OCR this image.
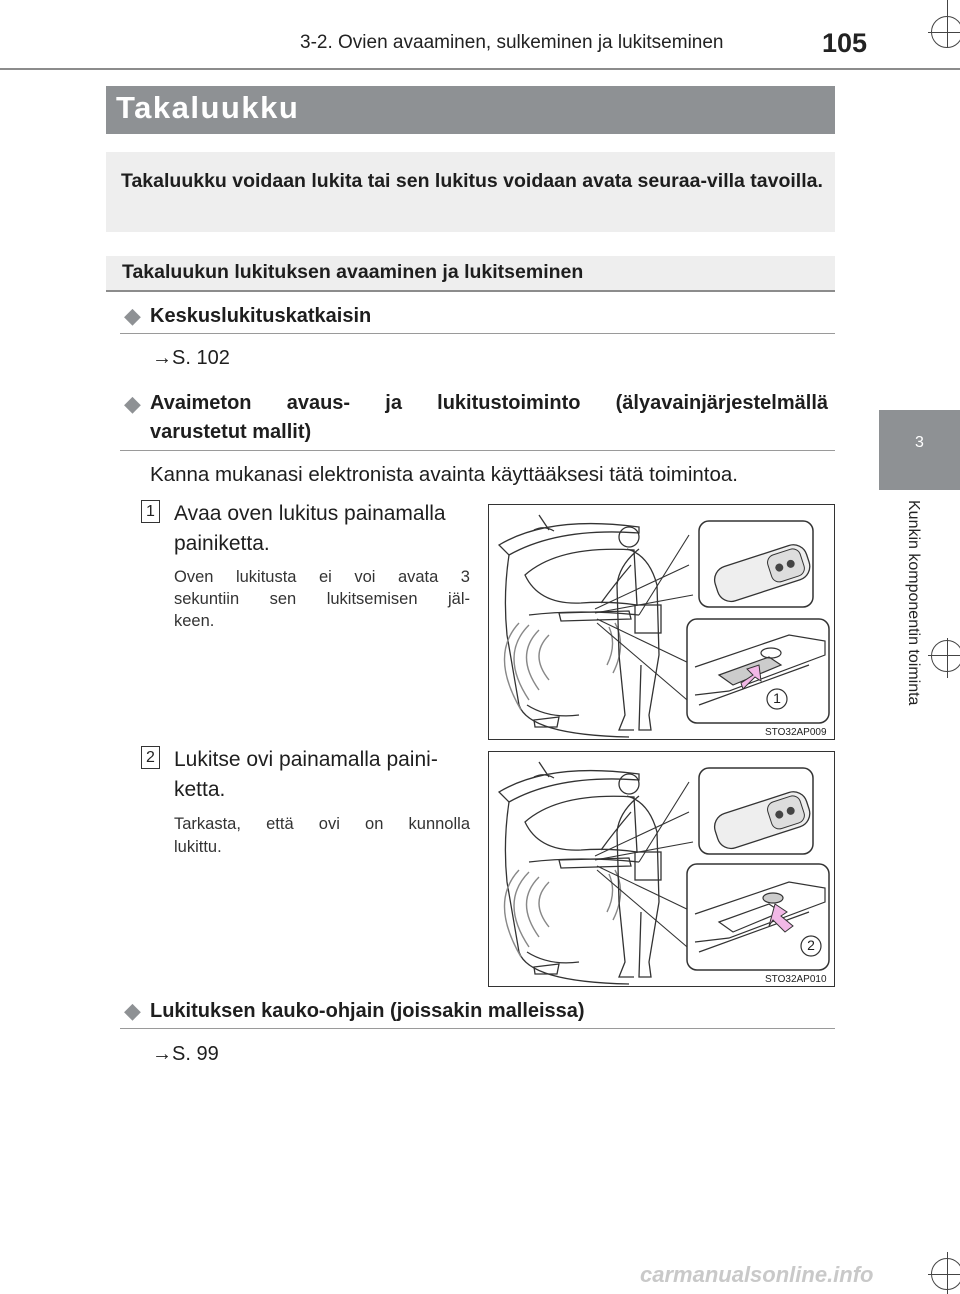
3-2. Ovien avaaminen, sulkeminen ja lukitseminen	105
3
Kunkin komponentin toiminta
Takaluukku
Takaluukku voidaan lukita tai sen lukitus voidaan avata seuraa-villa tavoilla.
Takaluukun lukituksen avaaminen ja lukitseminen
◆ Keskuslukituskatkaisin
→S. 102
◆ Avaimeton avaus- ja lukitustoiminto (älyavainjärjestelmällä
varustetut mallit)
Kanna mukanasi elektronista avainta käyttääksesi tätä toimintoa.
1 Avaa oven lukitus painamalla
painiketta.
Oven lukitusta ei voi avata 3
sekuntiin sen lukitsemisen jäl-
keen.
1
STO32AP009
2 Lukitse ovi painamalla paini-
ketta.
Tarkasta, että ovi on kunnolla
lukittu.
2
STO32AP010
◆ Lukituksen kauko-ohjain (joissakin malleissa)
→S. 99
carmanualsonline.info
